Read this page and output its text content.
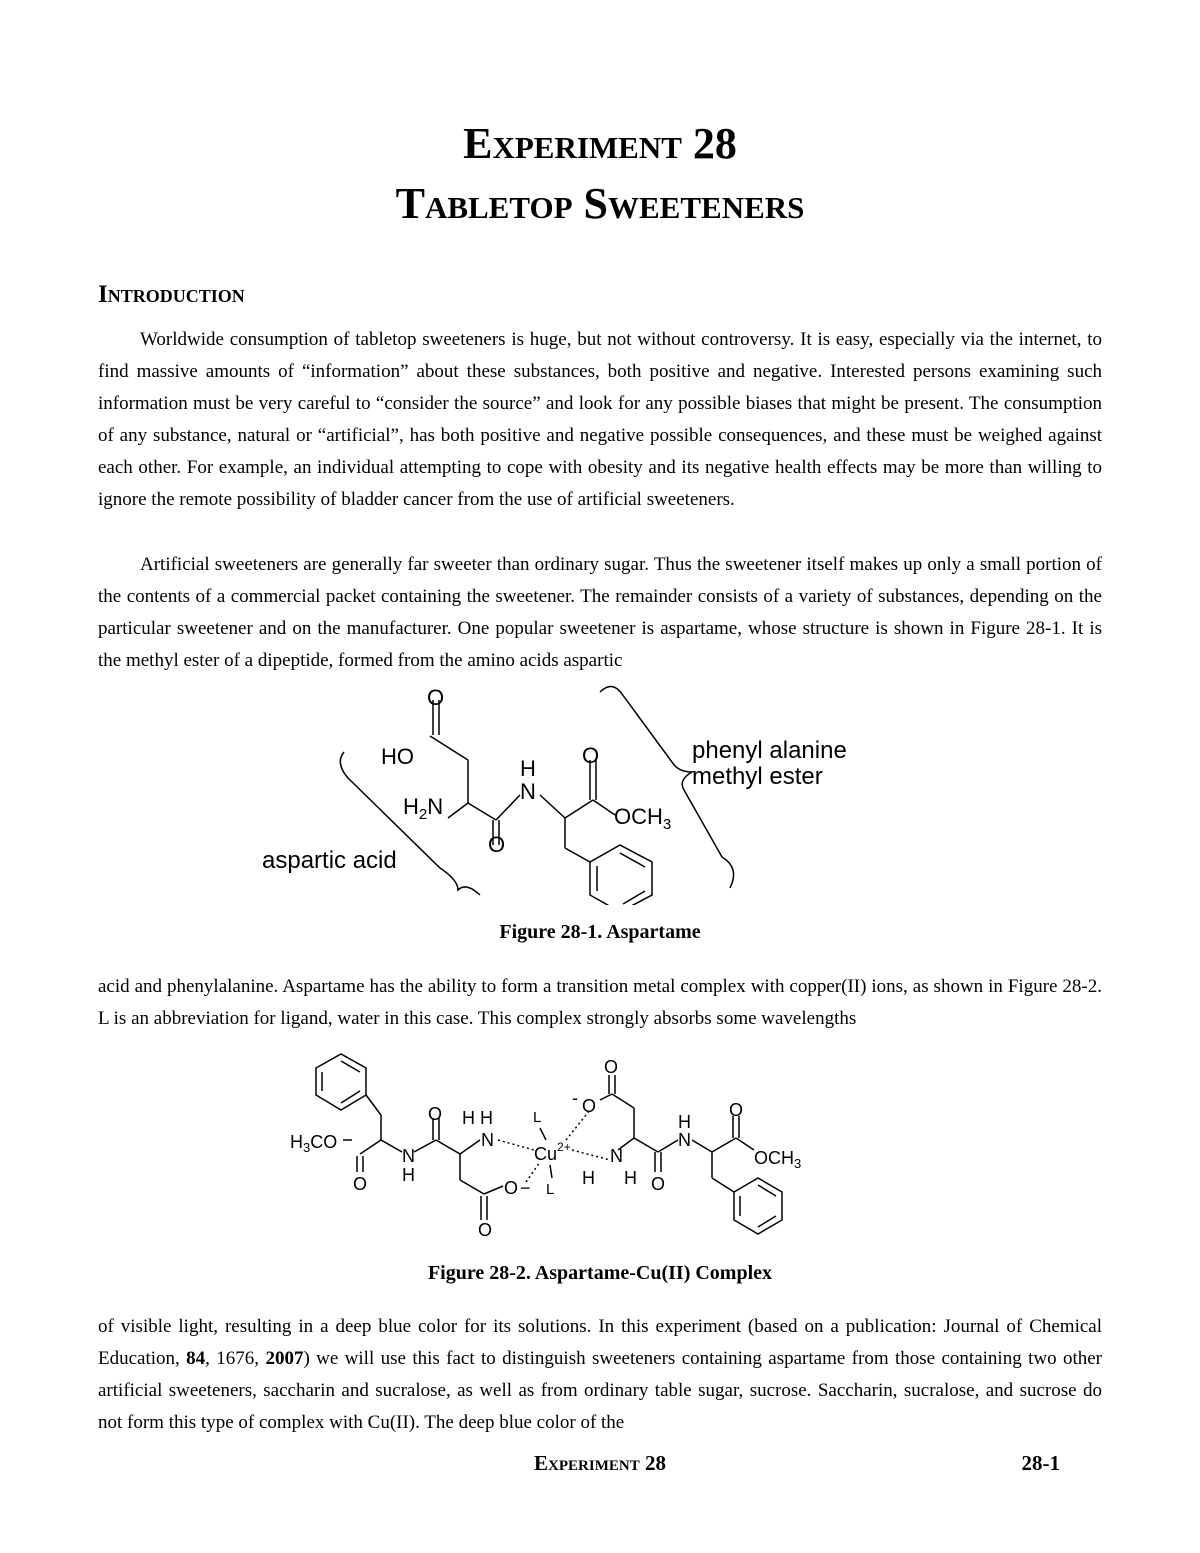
Experiment 28
Tabletop Sweeteners
Introduction

Worldwide consumption of tabletop sweeteners is huge, but not without controversy. It is easy, especially via the internet, to find massive amounts of “information” about these substances, both positive and negative. Interested persons examining such information must be very careful to “consider the source” and look for any possible biases that might be present. The consumption of any substance, natural or “artificial”, has both positive and negative possible consequences, and these must be weighed against each other. For example, an individual attempting to cope with obesity and its negative health effects may be more than willing to ignore the remote possibility of bladder cancer from the use of artificial sweeteners.

Artificial sweeteners are generally far sweeter than ordinary sugar. Thus the sweetener itself makes up only a small portion of the contents of a commercial packet containing the sweetener. The remainder consists of a variety of substances, depending on the particular sweetener and on the manufacturer. One popular sweetener is aspartame, whose structure is shown in Figure 28-1. It is the methyl ester of a dipeptide, formed from the amino acids aspartic

O
HO
$H_2N$
H
N
O
$OCH_3$
O
phenyl alanine
methyl ester
aspartic acid
Figure 28-1. Aspartame

acid and phenylalanine. Aspartame has the ability to form a transition metal complex with copper(II) ions, as shown in Figure 28-2. L is an abbreviation for ligand, water in this case. This complex strongly absorbs some wavelengths

$H_3CO$
O
N
H
O H H
N
$Cu^{2+}$
L
L
- O
O
N
H H
O −
O
O
H
N
O
$OCH_3$
Figure 28-2. Aspartame-Cu(II) Complex

of visible light, resulting in a deep blue color for its solutions. In this experiment (based on a publication: Journal of Chemical Education, 84, 1676, 2007) we will use this fact to distinguish sweeteners containing aspartame from those containing two other artificial sweeteners, saccharin and sucralose, as well as from ordinary table sugar, sucrose. Saccharin, sucralose, and sucrose do not form this type of complex with Cu(II). The deep blue color of the

Experiment 28	28-1
